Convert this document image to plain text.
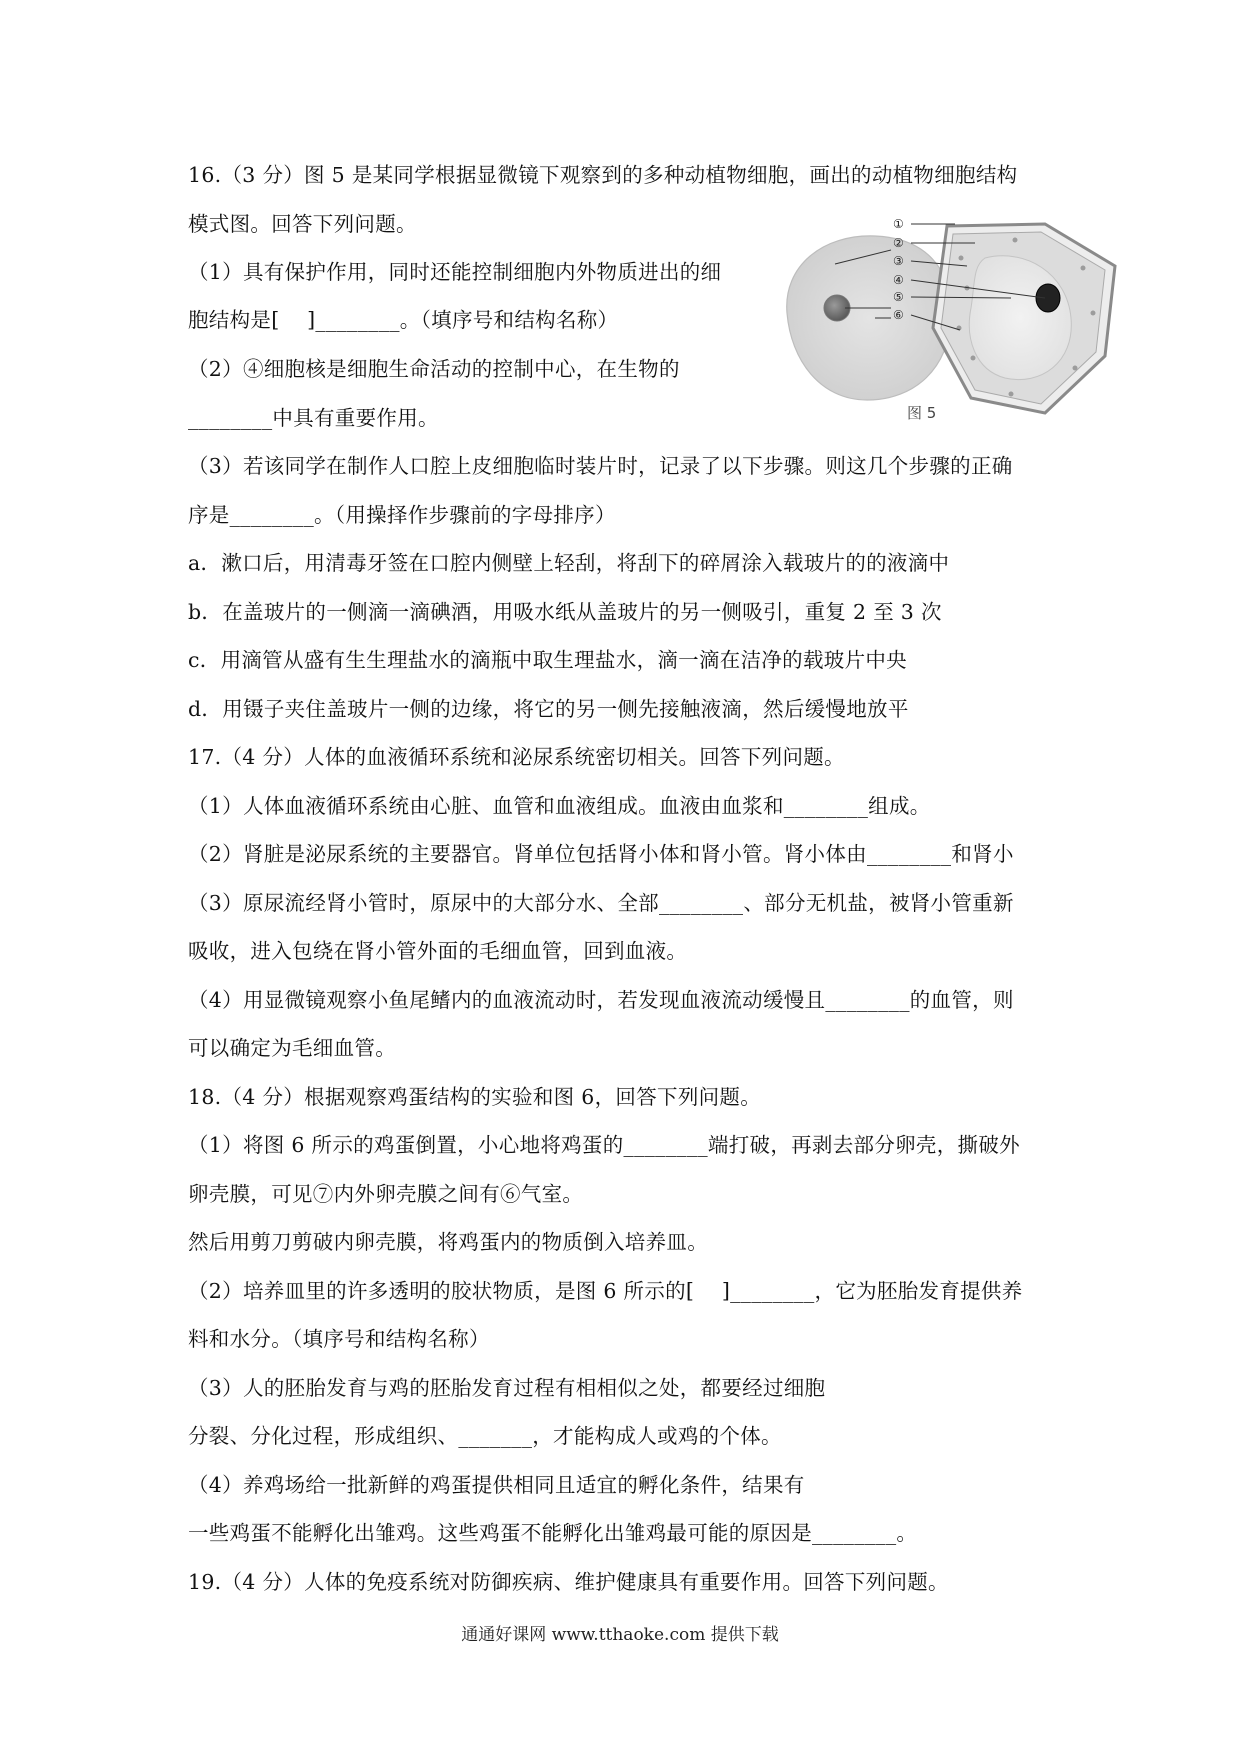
16.（3 分）图 5 是某同学根据显微镜下观察到的多种动植物细胞，画出的动植物细胞结构
模式图。回答下列问题。
（1）具有保护作用，同时还能控制细胞内外物质进出的细
胞结构是[　 ]________。（填序号和结构名称）
（2）④细胞核是细胞生命活动的控制中心，在生物的
________中具有重要作用。
（3）若该同学在制作人口腔上皮细胞临时装片时，记录了以下步骤。则这几个步骤的正确
序是________。（用操择作步骤前的字母排序）
a．漱口后，用清毒牙签在口腔内侧壁上轻刮，将刮下的碎屑涂入载玻片的的液滴中
b．在盖玻片的一侧滴一滴碘酒，用吸水纸从盖玻片的另一侧吸引，重复 2 至 3 次
c．用滴管从盛有生生理盐水的滴瓶中取生理盐水，滴一滴在洁净的载玻片中央
d．用镊子夹住盖玻片一侧的边缘，将它的另一侧先接触液滴，然后缓慢地放平
17.（4 分）人体的血液循环系统和泌尿系统密切相关。回答下列问题。
（1）人体血液循环系统由心脏、血管和血液组成。血液由血浆和________组成。
（2）肾脏是泌尿系统的主要器官。肾单位包括肾小体和肾小管。肾小体由________和肾小
（3）原尿流经肾小管时，原尿中的大部分水、全部________、部分无机盐，被肾小管重新
吸收，进入包绕在肾小管外面的毛细血管，回到血液。
（4）用显微镜观察小鱼尾鳍内的血液流动时，若发现血液流动缓慢且________的血管，则
可以确定为毛细血管。
18.（4 分）根据观察鸡蛋结构的实验和图 6，回答下列问题。
（1）将图 6 所示的鸡蛋倒置，小心地将鸡蛋的________端打破，再剥去部分卵壳，撕破外
卵壳膜，可见⑦内外卵壳膜之间有⑥气室。
然后用剪刀剪破内卵壳膜，将鸡蛋内的物质倒入培养皿。
（2）培养皿里的许多透明的胶状物质，是图 6 所示的[　 ]________，它为胚胎发育提供养
料和水分。（填序号和结构名称）
（3）人的胚胎发育与鸡的胚胎发育过程有相相似之处，都要经过细胞
分裂、分化过程，形成组织、_______，才能构成人或鸡的个体。
（4）养鸡场给一批新鲜的鸡蛋提供相同且适宜的孵化条件，结果有
一些鸡蛋不能孵化出雏鸡。这些鸡蛋不能孵化出雏鸡最可能的原因是________。
19.（4 分）人体的免疫系统对防御疾病、维护健康具有重要作用。回答下列问题。
①
②
③
④
⑤
⑥
图 5
通通好课网 www.tthaoke.com 提供下载
